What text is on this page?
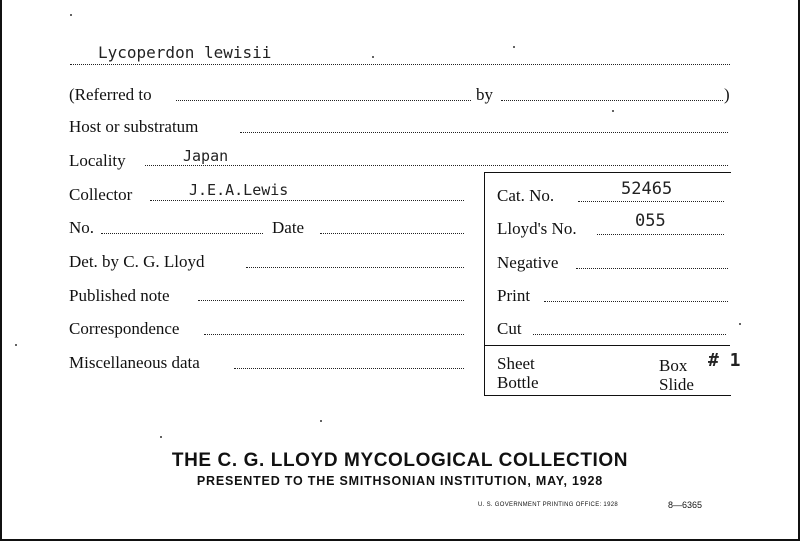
Lycoperdon lewisii
(Referred to	by	)
Host or substratum
Locality	Japan
Collector	J.E.A.Lewis
No.	Date
Det. by C. G. Lloyd
Published note
Correspondence
Miscellaneous data
Cat. No.	52465
Lloyd's No.	055
Negative
Print
Cut
Sheet
Bottle
Box # 1
Slide
THE C. G. LLOYD MYCOLOGICAL COLLECTION
PRESENTED TO THE SMITHSONIAN INSTITUTION, MAY, 1928
U. S. GOVERNMENT PRINTING OFFICE: 1928	8—6365
